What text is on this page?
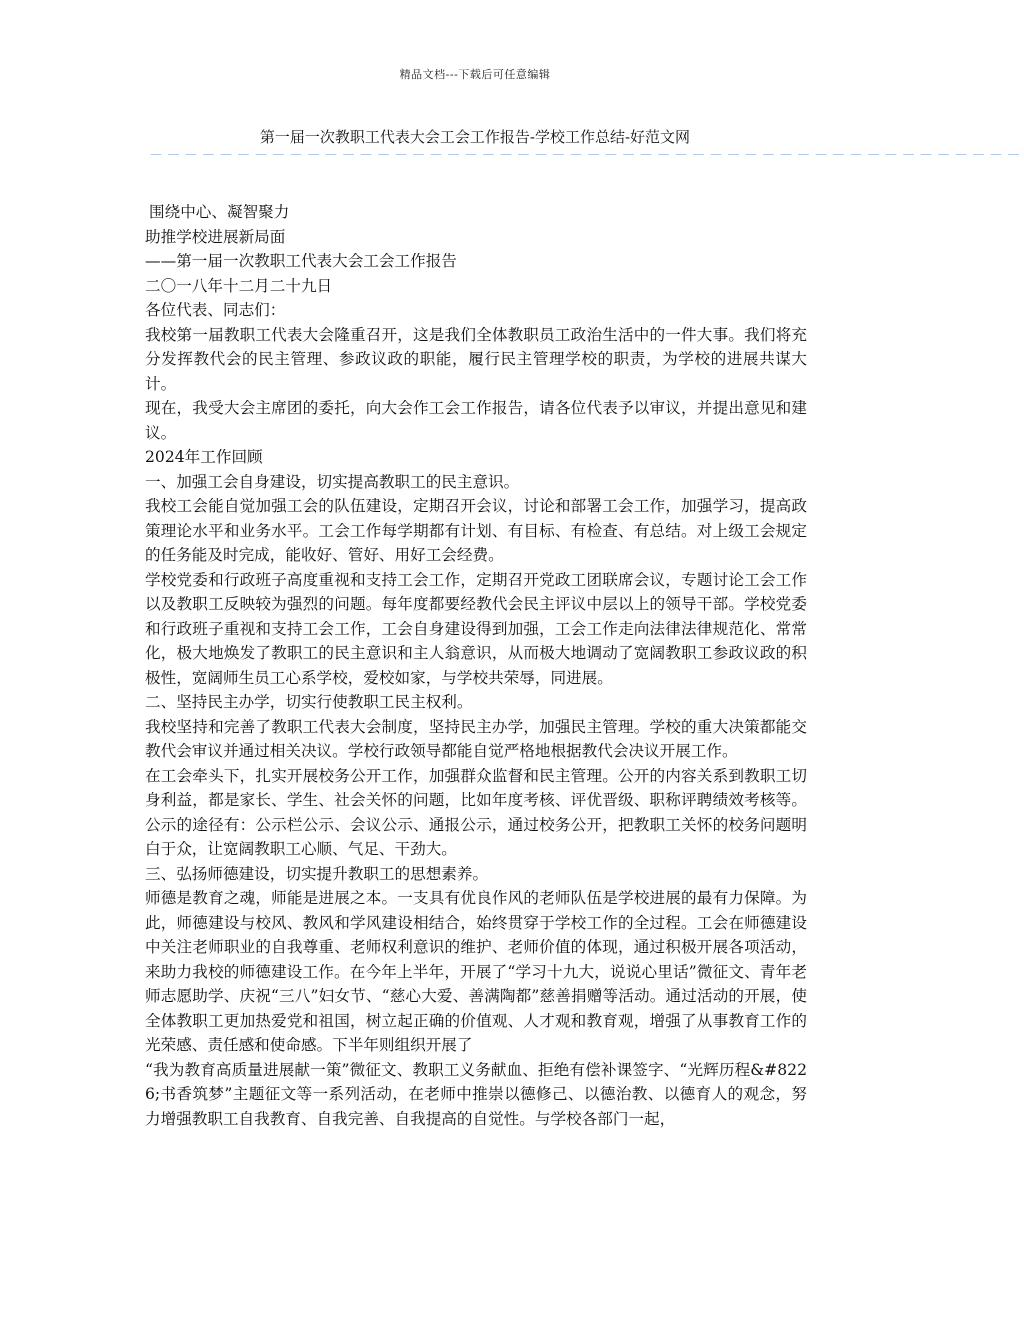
精品文档---下载后可任意编辑
第一届一次教职工代表大会工会工作报告-学校工作总结-好范文网
－－－－－－－－－－－－－－－－－－－－－－－－－－－－－－－－－－－－－－－－－－－－－－－－－－

围绕中心、凝智聚力

助推学校进展新局面

——第一届一次教职工代表大会工会工作报告

二〇一八年十二月二十九日

各位代表、同志们：

我校第一届教职工代表大会隆重召开，这是我们全体教职员工政治生活中的一件大事。我们将充分发挥教代会的民主管理、参政议政的职能，履行民主管理学校的职责，为学校的进展共谋大计。

现在，我受大会主席团的委托，向大会作工会工作报告，请各位代表予以审议，并提出意见和建议。

2024年工作回顾

一、加强工会自身建设，切实提高教职工的民主意识。

我校工会能自觉加强工会的队伍建设，定期召开会议，讨论和部署工会工作，加强学习，提高政策理论水平和业务水平。工会工作每学期都有计划、有目标、有检查、有总结。对上级工会规定的任务能及时完成，能收好、管好、用好工会经费。

学校党委和行政班子高度重视和支持工会工作，定期召开党政工团联席会议，专题讨论工会工作以及教职工反映较为强烈的问题。每年度都要经教代会民主评议中层以上的领导干部。学校党委和行政班子重视和支持工会工作，工会自身建设得到加强，工会工作走向法律法律规范化、常常化，极大地焕发了教职工的民主意识和主人翁意识，从而极大地调动了宽阔教职工参政议政的积极性，宽阔师生员工心系学校，爱校如家，与学校共荣辱，同进展。

二、坚持民主办学，切实行使教职工民主权利。

我校坚持和完善了教职工代表大会制度，坚持民主办学，加强民主管理。学校的重大决策都能交教代会审议并通过相关决议。学校行政领导都能自觉严格地根据教代会决议开展工作。

在工会牵头下，扎实开展校务公开工作，加强群众监督和民主管理。公开的内容关系到教职工切身利益，都是家长、学生、社会关怀的问题，比如年度考核、评优晋级、职称评聘绩效考核等。公示的途径有：公示栏公示、会议公示、通报公示，通过校务公开，把教职工关怀的校务问题明白于众，让宽阔教职工心顺、气足、干劲大。

三、弘扬师德建设，切实提升教职工的思想素养。

师德是教育之魂，师能是进展之本。一支具有优良作风的老师队伍是学校进展的最有力保障。为此，师德建设与校风、教风和学风建设相结合，始终贯穿于学校工作的全过程。工会在师德建设中关注老师职业的自我尊重、老师权利意识的维护、老师价值的体现，通过积极开展各项活动，来助力我校的师德建设工作。在今年上半年，开展了“学习十九大，说说心里话”微征文、青年老师志愿助学、庆祝“三八”妇女节、“慈心大爱、善满陶都”慈善捐赠等活动。通过活动的开展，使全体教职工更加热爱党和祖国，树立起正确的价值观、人才观和教育观，增强了从事教育工作的光荣感、责任感和使命感。下半年则组织开展了

“我为教育高质量进展献一策”微征文、教职工义务献血、拒绝有偿补课签字、“光辉历程&#8226;书香筑梦”主题征文等一系列活动，在老师中推崇以德修己、以德治教、以德育人的观念，努力增强教职工自我教育、自我完善、自我提高的自觉性。与学校各部门一起，
